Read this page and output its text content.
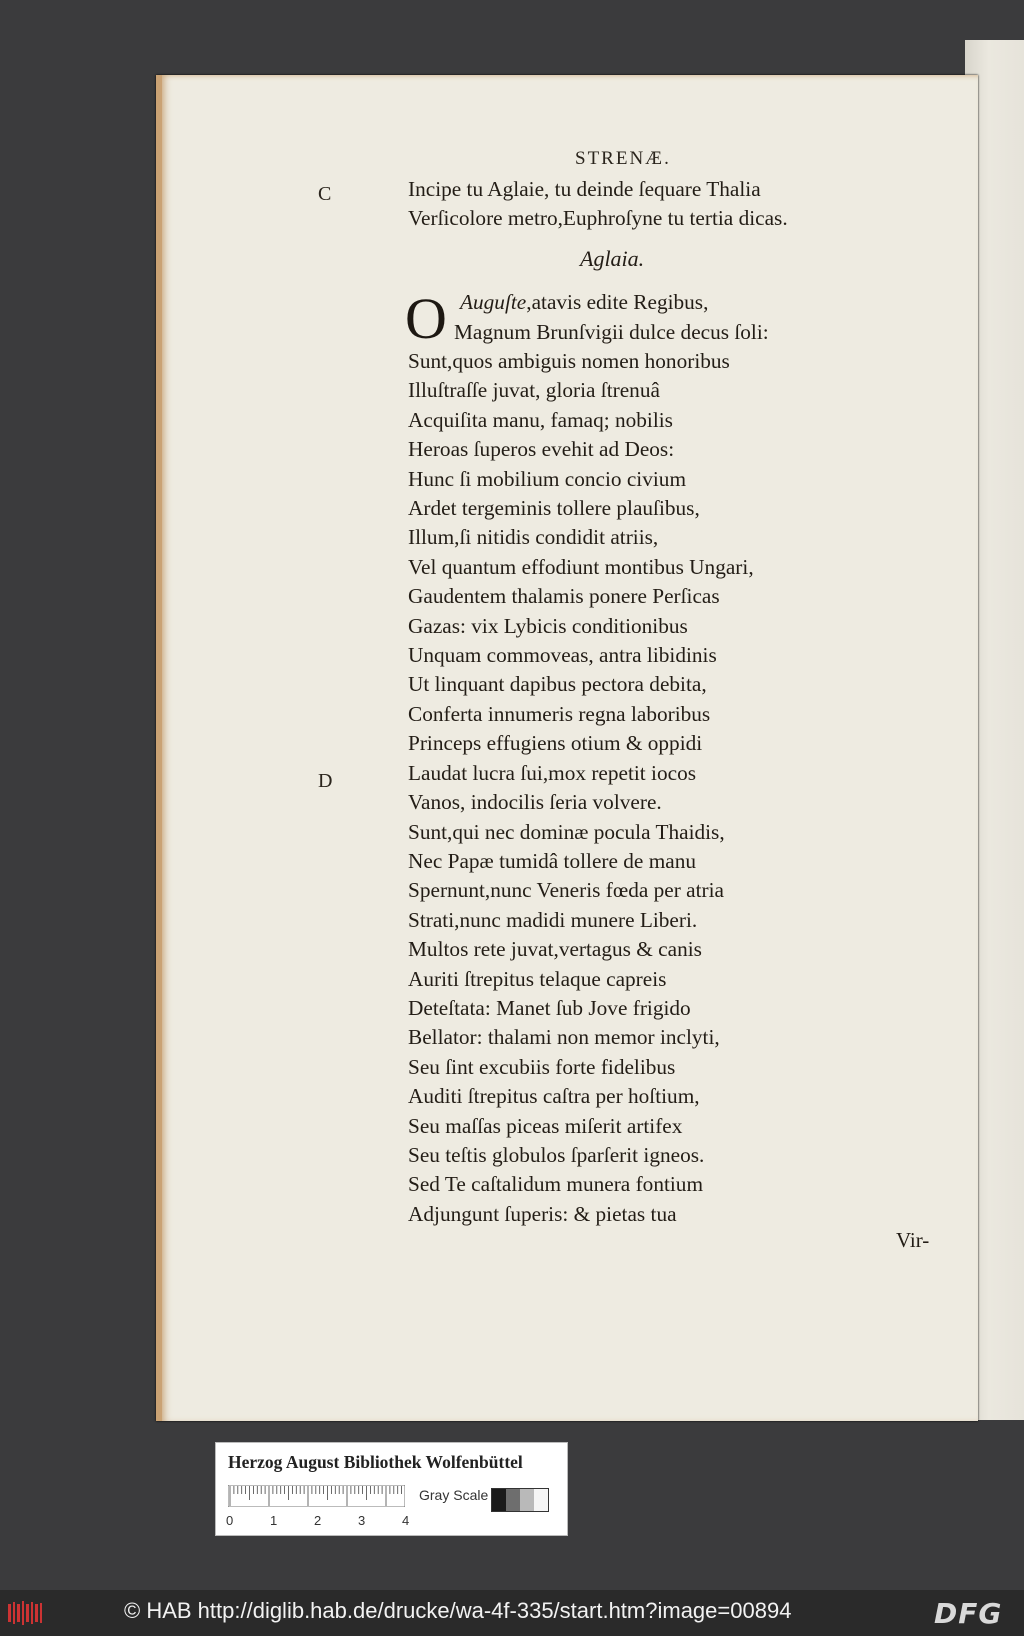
STRENÆ.
C
D
Incipe tu Aglaie, tu deinde ſequare Thalia
Verſicolore metro,Euphroſyne tu tertia dicas.
Aglaia.
O Auguſte,atavis edite Regibus,
Magnum Brunſvigii dulce decus ſoli:
Sunt,quos ambiguis nomen honoribus
Illuſtraſſe juvat, gloria ſtrenuâ
Acquiſita manu, famaq; nobilis
Heroas ſuperos evehit ad Deos:
Hunc ſi mobilium concio civium
Ardet tergeminis tollere plauſibus,
Illum,ſi nitidis condidit atriis,
Vel quantum effodiunt montibus Ungari,
Gaudentem thalamis ponere Perſicas
Gazas: vix Lybicis conditionibus
Unquam commoveas, antra libidinis
Ut linquant dapibus pectora debita,
Conferta innumeris regna laboribus
Princeps effugiens otium & oppidi
Laudat lucra ſui,mox repetit iocos
Vanos, indocilis ſeria volvere.
Sunt,qui nec dominæ pocula Thaidis,
Nec Papæ tumidâ tollere de manu
Spernunt,nunc Veneris fœda per atria
Strati,nunc madidi munere Liberi.
Multos rete juvat,vertagus & canis
Auriti ſtrepitus telaque capreis
Deteſtata: Manet ſub Jove frigido
Bellator: thalami non memor inclyti,
Seu ſint excubiis forte fidelibus
Auditi ſtrepitus caſtra per hoſtium,
Seu maſſas piceas miſerit artifex
Seu teſtis globulos ſparſerit igneos.
Sed Te caſtalidum munera fontium
Adjungunt ſuperis: & pietas tua
Vir-
Herzog August Bibliothek Wolfenbüttel
0	1	2	3	4
Gray Scale
© HAB http://diglib.hab.de/drucke/wa-4f-335/start.htm?image=00894	DFG
